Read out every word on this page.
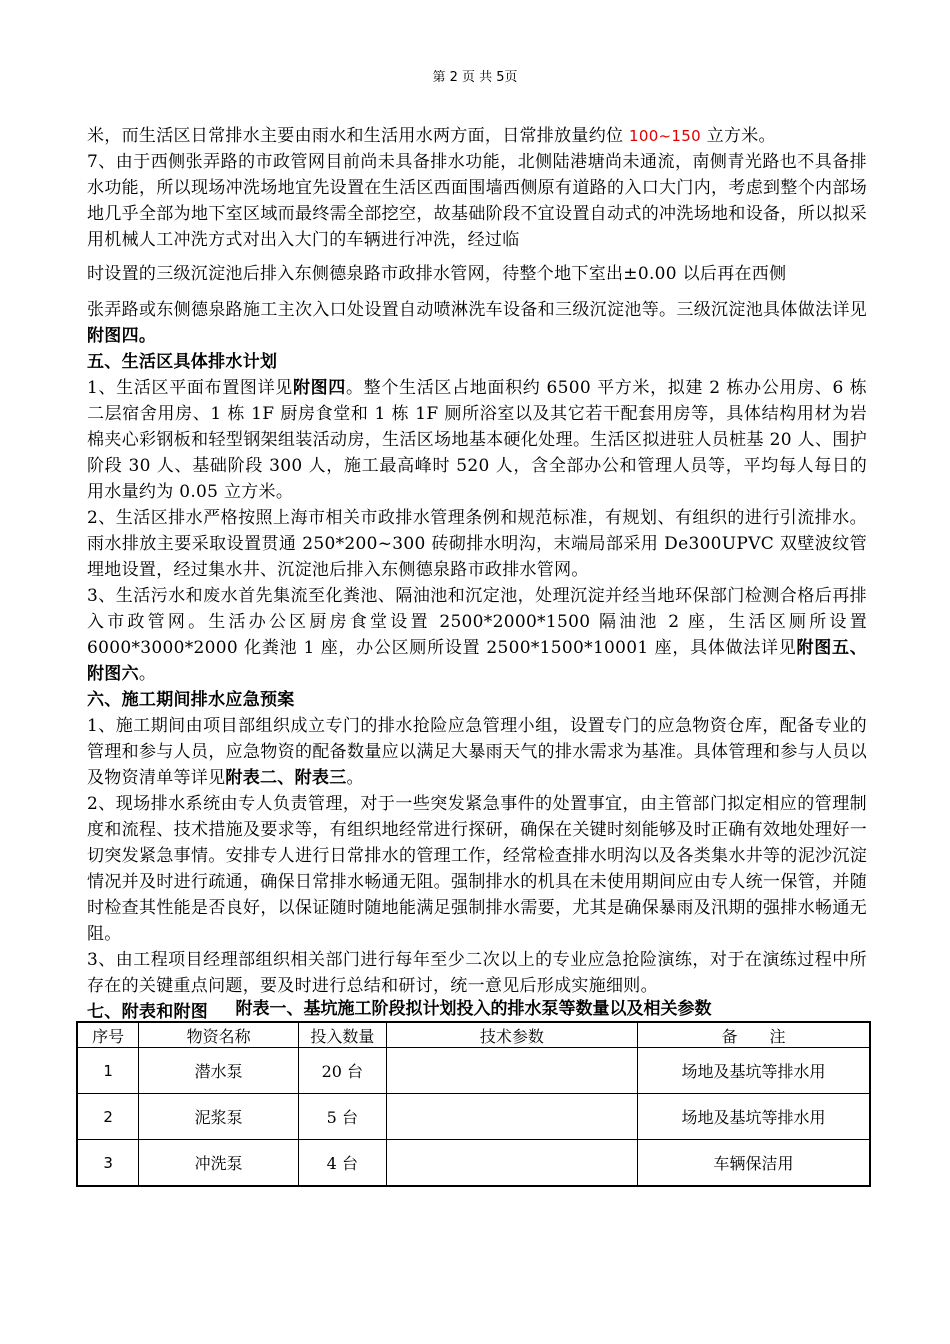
第 2 页 共 5页

米，而生活区日常排水主要由雨水和生活用水两方面，日常排放量约位 100~150 立方米。

7、由于西侧张弄路的市政管网目前尚未具备排水功能，北侧陆港塘尚未通流，南侧青光路也不具备排水功能，所以现场冲洗场地宜先设置在生活区西面围墙西侧原有道路的入口大门内，考虑到整个内部场地几乎全部为地下室区域而最终需全部挖空，故基础阶段不宜设置自动式的冲洗场地和设备，所以拟采用机械人工冲洗方式对出入大门的车辆进行冲洗，经过临

时设置的三级沉淀池后排入东侧德泉路市政排水管网，待整个地下室出±0.00 以后再在西侧

张弄路或东侧德泉路施工主次入口处设置自动喷淋洗车设备和三级沉淀池等。三级沉淀池具体做法详见附图四。

五、生活区具体排水计划

1、生活区平面布置图详见附图四。整个生活区占地面积约 6500 平方米，拟建 2 栋办公用房、6 栋二层宿舍用房、1 栋 1F 厨房食堂和 1 栋 1F 厕所浴室以及其它若干配套用房等，具体结构用材为岩棉夹心彩钢板和轻型钢架组装活动房，生活区场地基本硬化处理。生活区拟进驻人员桩基 20 人、围护阶段 30 人、基础阶段 300 人，施工最高峰时 520 人，含全部办公和管理人员等，平均每人每日的用水量约为 0.05 立方米。

2、生活区排水严格按照上海市相关市政排水管理条例和规范标准，有规划、有组织的进行引流排水。雨水排放主要采取设置贯通 250*200~300 砖砌排水明沟，末端局部采用 De300UPVC 双壁波纹管埋地设置，经过集水井、沉淀池后排入东侧德泉路市政排水管网。

3、生活污水和废水首先集流至化粪池、隔油池和沉定池，处理沉淀并经当地环保部门检测合格后再排入市政管网。生活办公区厨房食堂设置 2500*2000*1500 隔油池 2 座，生活区厕所设置 6000*3000*2000 化粪池 1 座，办公区厕所设置 2500*1500*10001 座，具体做法详见附图五、附图六。

六、施工期间排水应急预案

1、施工期间由项目部组织成立专门的排水抢险应急管理小组，设置专门的应急物资仓库，配备专业的管理和参与人员，应急物资的配备数量应以满足大暴雨天气的排水需求为基准。具体管理和参与人员以及物资清单等详见附表二、附表三。

2、现场排水系统由专人负责管理，对于一些突发紧急事件的处置事宜，由主管部门拟定相应的管理制度和流程、技术措施及要求等，有组织地经常进行探研，确保在关键时刻能够及时正确有效地处理好一切突发紧急事情。安排专人进行日常排水的管理工作，经常检查排水明沟以及各类集水井等的泥沙沉淀情况并及时进行疏通，确保日常排水畅通无阻。强制排水的机具在未使用期间应由专人统一保管，并随时检查其性能是否良好，以保证随时随地能满足强制排水需要，尤其是确保暴雨及汛期的强排水畅通无阻。

3、由工程项目经理部组织相关部门进行每年至少二次以上的专业应急抢险演练，对于在演练过程中所存在的关键重点问题，要及时进行总结和研讨，统一意见后形成实施细则。

七、附表和附图	附表一、基坑施工阶段拟计划投入的排水泵等数量以及相关参数
序号	物资名称	投入数量	技术参数	备　　注
1	潜水泵	20 台		场地及基坑等排水用
2	泥浆泵	5 台		场地及基坑等排水用
3	冲洗泵	4 台		车辆保洁用
